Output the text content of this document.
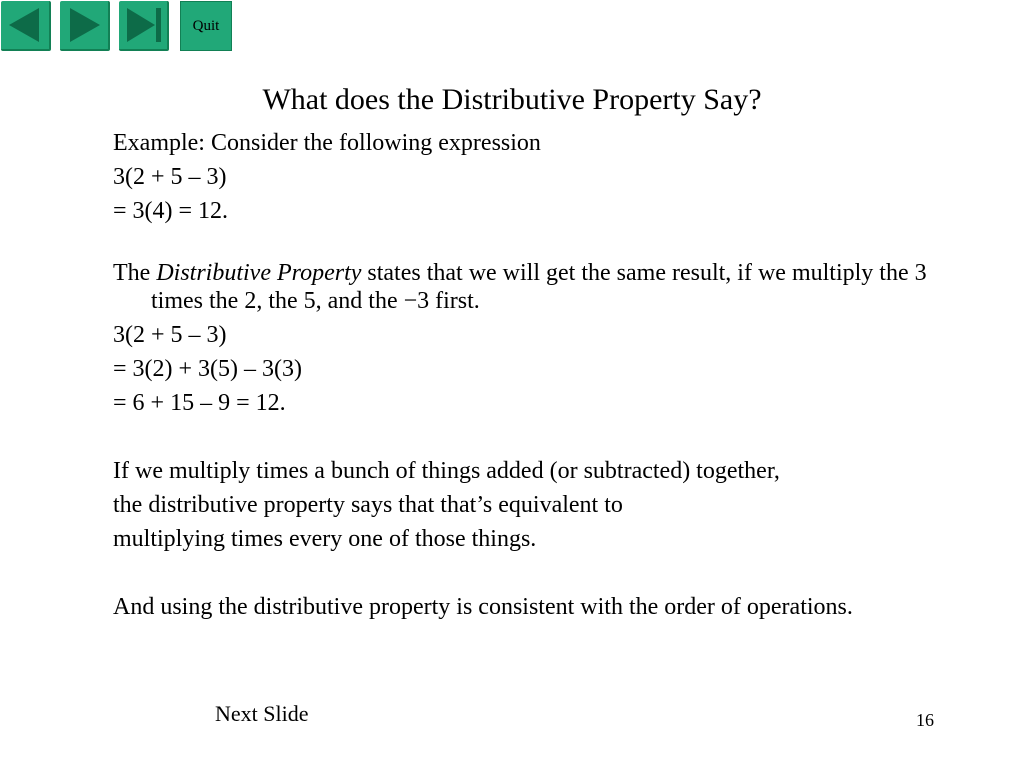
Quit
What does the Distributive Property Say?

Example: Consider the following expression

3(2 + 5 – 3)

= 3(4) = 12.

The Distributive Property states that we will get the same result, if we multiply the 3 times the 2, the 5, and the −3 first.

3(2 + 5 – 3)

= 3(2) + 3(5) – 3(3)

= 6 + 15 – 9 = 12.

If we multiply times a bunch of things added (or subtracted) together,

the distributive property says that that’s equivalent to

multiplying times every one of those things.

And using the distributive property is consistent with the order of operations.

Next Slide	16
